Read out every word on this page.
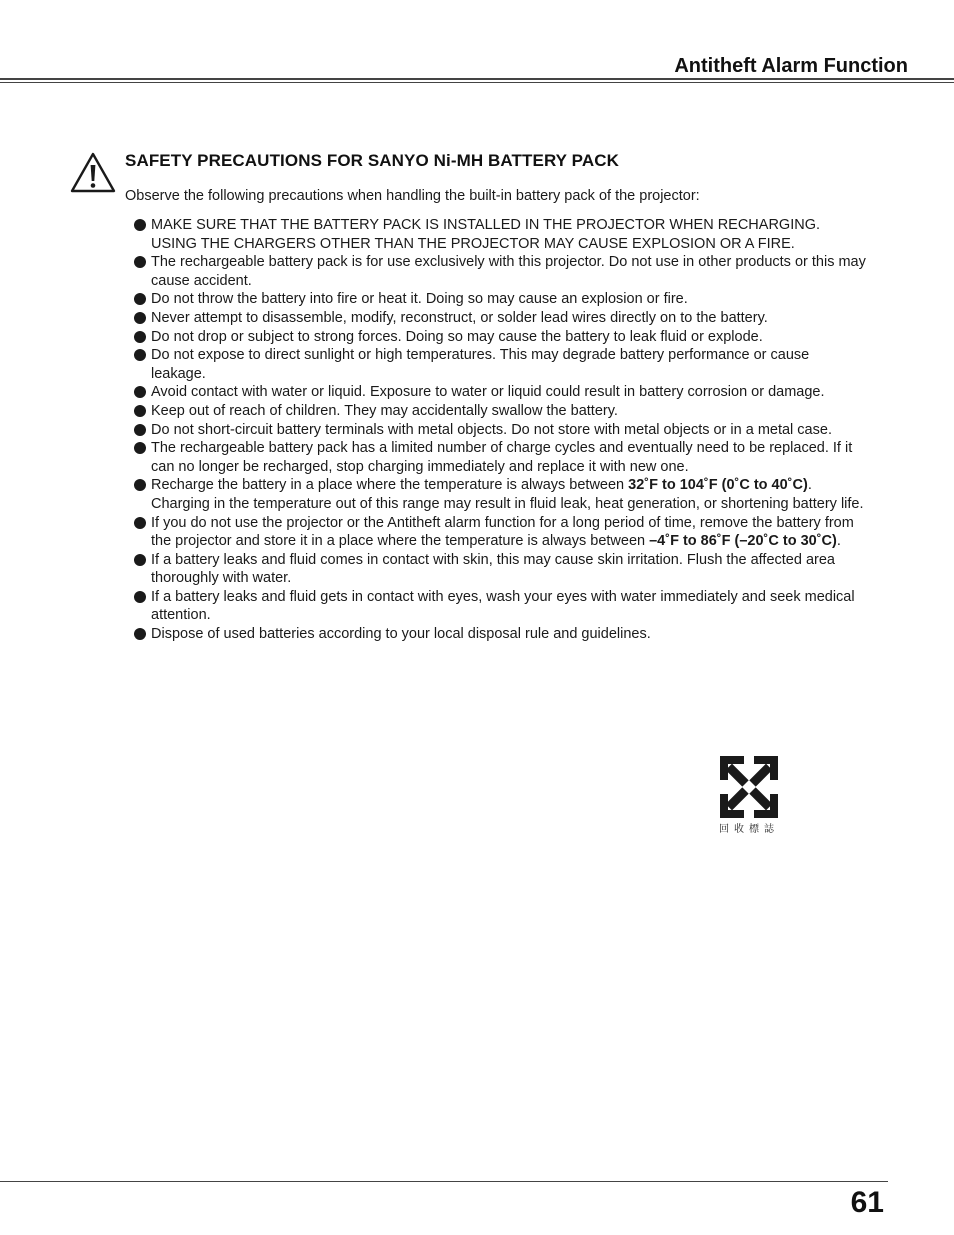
Antitheft Alarm Function
SAFETY PRECAUTIONS FOR SANYO Ni-MH BATTERY PACK
Observe the following precautions when handling the built-in battery pack of the projector:
MAKE SURE THAT THE BATTERY PACK IS INSTALLED IN THE PROJECTOR WHEN RECHARGING. USING THE CHARGERS OTHER THAN THE PROJECTOR MAY CAUSE EXPLOSION OR A FIRE.
The rechargeable battery pack is for use exclusively with this projector. Do not use in other products or this may cause accident.
Do not throw the battery into fire or heat it. Doing so may cause an explosion or fire.
Never attempt to disassemble, modify, reconstruct, or solder lead wires directly on to the battery.
Do not drop or subject to strong forces. Doing so may cause the battery to leak fluid or explode.
Do not expose to direct sunlight or high temperatures. This may degrade battery performance or cause leakage.
Avoid contact with water or liquid. Exposure to water or liquid could result in battery corrosion or damage.
Keep out of reach of children. They may accidentally swallow the battery.
Do not short-circuit battery terminals with metal objects. Do not store with metal objects or in a metal case.
The rechargeable battery pack has a limited number of charge cycles and eventually need to be replaced. If it can no longer be recharged, stop charging immediately and replace it with new one.
Recharge the battery in a place where the temperature is always between 32˚F to 104˚F (0˚C to 40˚C). Charging in the temperature out of this range may result in fluid leak, heat generation, or shortening battery life.
If you do not use the projector or the Antitheft alarm function for a long period of time, remove the battery from the projector and store it in a place where the temperature is always between –4˚F to 86˚F (–20˚C to 30˚C).
If a battery leaks and fluid comes in contact with skin, this may cause skin irritation. Flush the affected area thoroughly with water.
If a battery leaks and fluid gets in contact with eyes, wash your eyes with water immediately and seek medical attention.
Dispose of used batteries according to your local disposal rule and guidelines.
回收標誌
61
